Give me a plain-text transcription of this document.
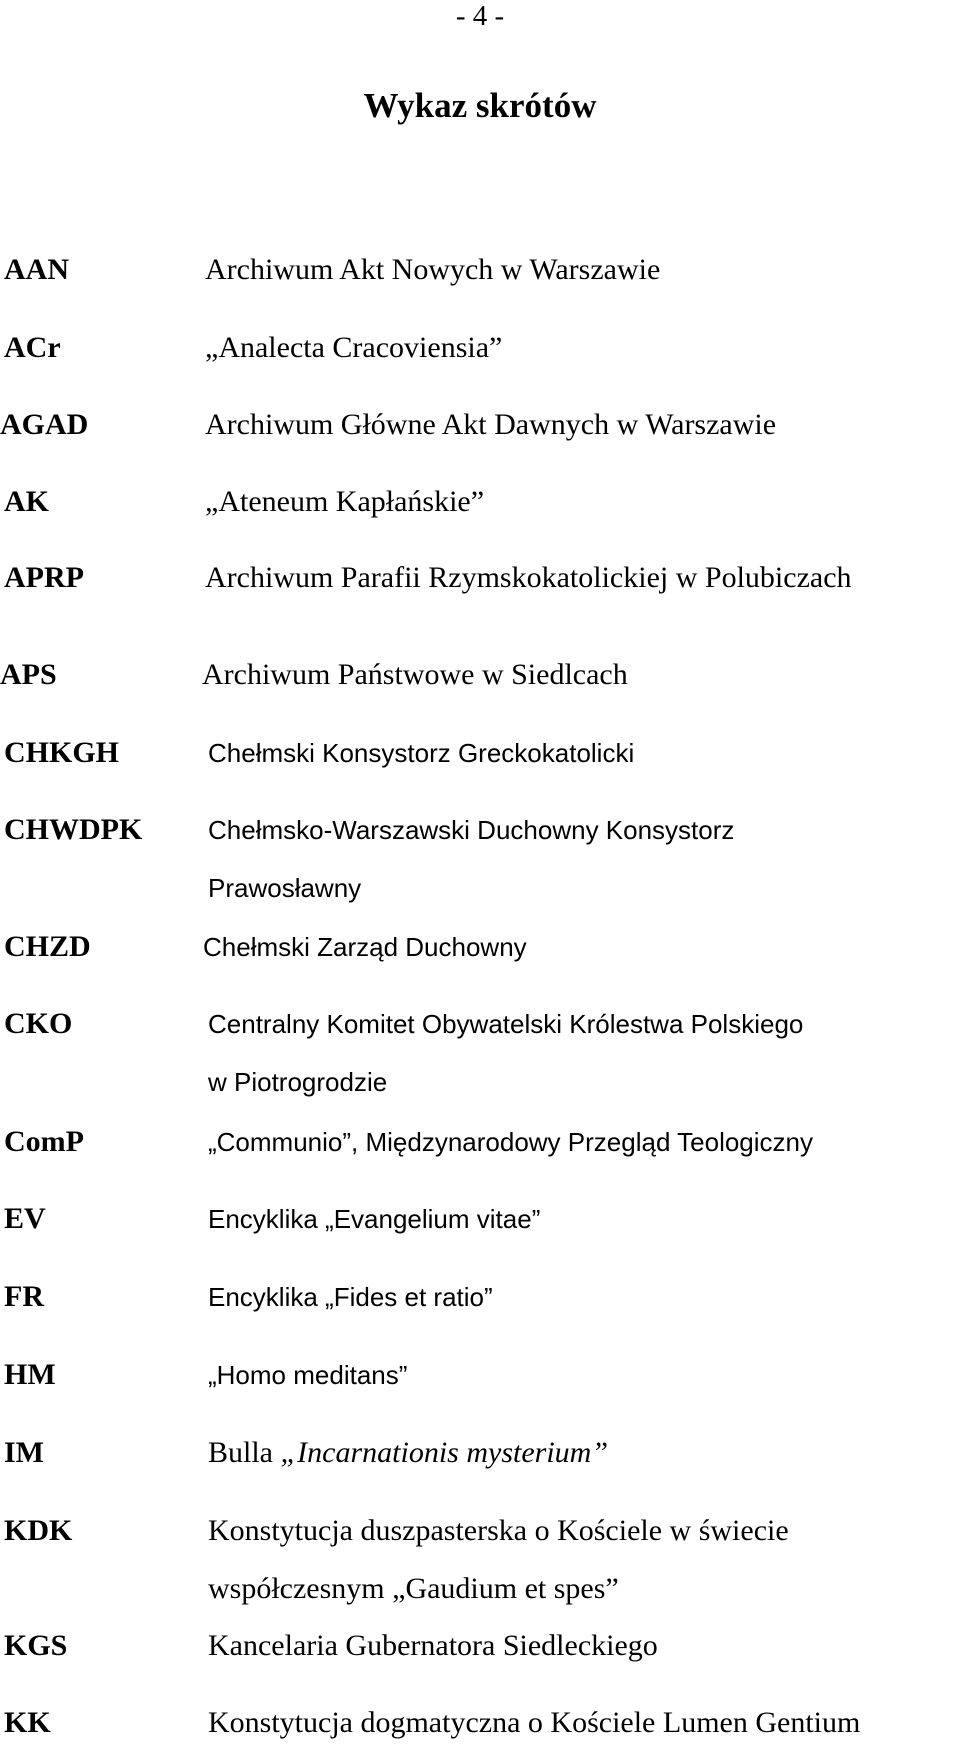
- 4 -
Wykaz skrótów
AAN	Archiwum Akt Nowych w Warszawie
ACr	„Analecta Cracoviensia”
AGAD	Archiwum Główne Akt Dawnych w Warszawie
AK	„Ateneum Kapłańskie”
APRP	Archiwum Parafii Rzymskokatolickiej w Polubiczach
APS	Archiwum Państwowe w Siedlcach
CHKGH	Chełmski Konsystorz Greckokatolicki
CHWDPK	Chełmsko-Warszawski Duchowny Konsystorz
Prawosławny
CHZD	Chełmski Zarząd Duchowny
CKO	Centralny Komitet Obywatelski Królestwa Polskiego
w Piotrogrodzie
ComP	„Communio”, Międzynarodowy Przegląd Teologiczny
EV	Encyklika „Evangelium vitae”
FR	Encyklika „Fides et ratio”
HM	„Homo meditans”
IM	Bulla „Incarnationis mysterium”
KDK	Konstytucja duszpasterska o Kościele w świecie
współczesnym „Gaudium et spes”
KGS	Kancelaria Gubernatora Siedleckiego
KK	Konstytucja dogmatyczna o Kościele Lumen Gentium
